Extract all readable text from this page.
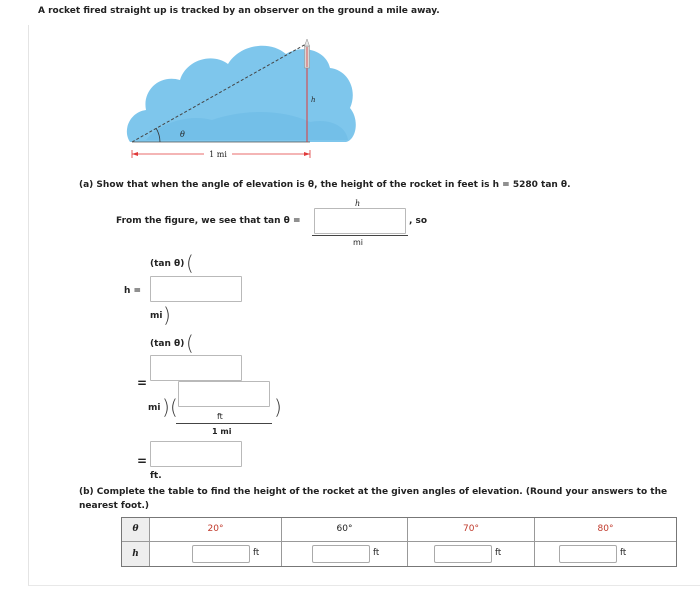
A rocket fired straight up is tracked by an observer on the ground a mile away.
1 mi
h
θ
(a) Show that when the angle of elevation is θ, the height of the rocket in feet is h = 5280 tan θ.
From the figure, we see that tan θ =
h
mi
, so
(tan θ) (
h =
mi )
(tan θ) (
=
mi ) (	ft
1 mi
)
=
ft.
(b) Complete the table to find the height of the rocket at the given angles of elevation. (Round your answers to the
nearest foot.)
θ
h
20°
ft
60°
ft
70°
ft
80°
ft
